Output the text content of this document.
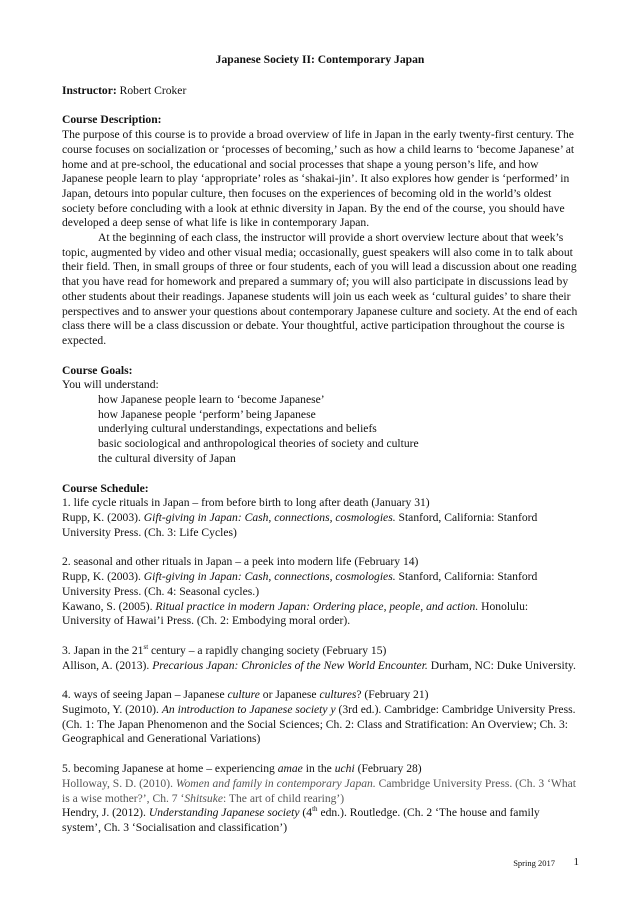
Japanese Society II: Contemporary Japan

Instructor: Robert Croker

Course Description:

The purpose of this course is to provide a broad overview of life in Japan in the early twenty-first century. The course focuses on socialization or ‘processes of becoming,’ such as how a child learns to ‘become Japanese’ at home and at pre-school, the educational and social processes that shape a young person’s life, and how Japanese people learn to play ‘appropriate’ roles as ‘shakai-jin’. It also explores how gender is ‘performed’ in Japan, detours into popular culture, then focuses on the experiences of becoming old in the world’s oldest society before concluding with a look at ethnic diversity in Japan. By the end of the course, you should have developed a deep sense of what life is like in contemporary Japan.

At the beginning of each class, the instructor will provide a short overview lecture about that week’s topic, augmented by video and other visual media; occasionally, guest speakers will also come in to talk about their field. Then, in small groups of three or four students, each of you will lead a discussion about one reading that you have read for homework and prepared a summary of; you will also participate in discussions lead by other students about their readings. Japanese students will join us each week as ‘cultural guides’ to share their perspectives and to answer your questions about contemporary Japanese culture and society. At the end of each class there will be a class discussion or debate. Your thoughtful, active participation throughout the course is expected.

Course Goals:

You will understand:

how Japanese people learn to ‘become Japanese’
how Japanese people ‘perform’ being Japanese
underlying cultural understandings, expectations and beliefs
basic sociological and anthropological theories of society and culture
the cultural diversity of Japan

Course Schedule:

1. life cycle rituals in Japan – from before birth to long after death (January 31)

Rupp, K. (2003). Gift-giving in Japan: Cash, connections, cosmologies. Stanford, California: Stanford University Press. (Ch. 3: Life Cycles)

2. seasonal and other rituals in Japan – a peek into modern life (February 14)

Rupp, K. (2003). Gift-giving in Japan: Cash, connections, cosmologies. Stanford, California: Stanford University Press. (Ch. 4: Seasonal cycles.)

Kawano, S. (2005). Ritual practice in modern Japan: Ordering place, people, and action. Honolulu: University of Hawai’i Press. (Ch. 2: Embodying moral order).

3. Japan in the 21st century – a rapidly changing society (February 15)

Allison, A. (2013). Precarious Japan: Chronicles of the New World Encounter. Durham, NC: Duke University.

4. ways of seeing Japan – Japanese culture or Japanese cultures? (February 21)

Sugimoto, Y. (2010). An introduction to Japanese society y (3rd ed.). Cambridge: Cambridge University Press. (Ch. 1: The Japan Phenomenon and the Social Sciences; Ch. 2: Class and Stratification: An Overview; Ch. 3: Geographical and Generational Variations)

5. becoming Japanese at home – experiencing amae in the uchi (February 28)

Holloway, S. D. (2010). Women and family in contemporary Japan. Cambridge University Press. (Ch. 3 ‘What is a wise mother?’, Ch. 7 ‘Shitsuke: The art of child rearing’)

Hendry, J. (2012). Understanding Japanese society (4th edn.). Routledge. (Ch. 2 ‘The house and family system’, Ch. 3 ‘Socialisation and classification’)

Spring 2017 1
